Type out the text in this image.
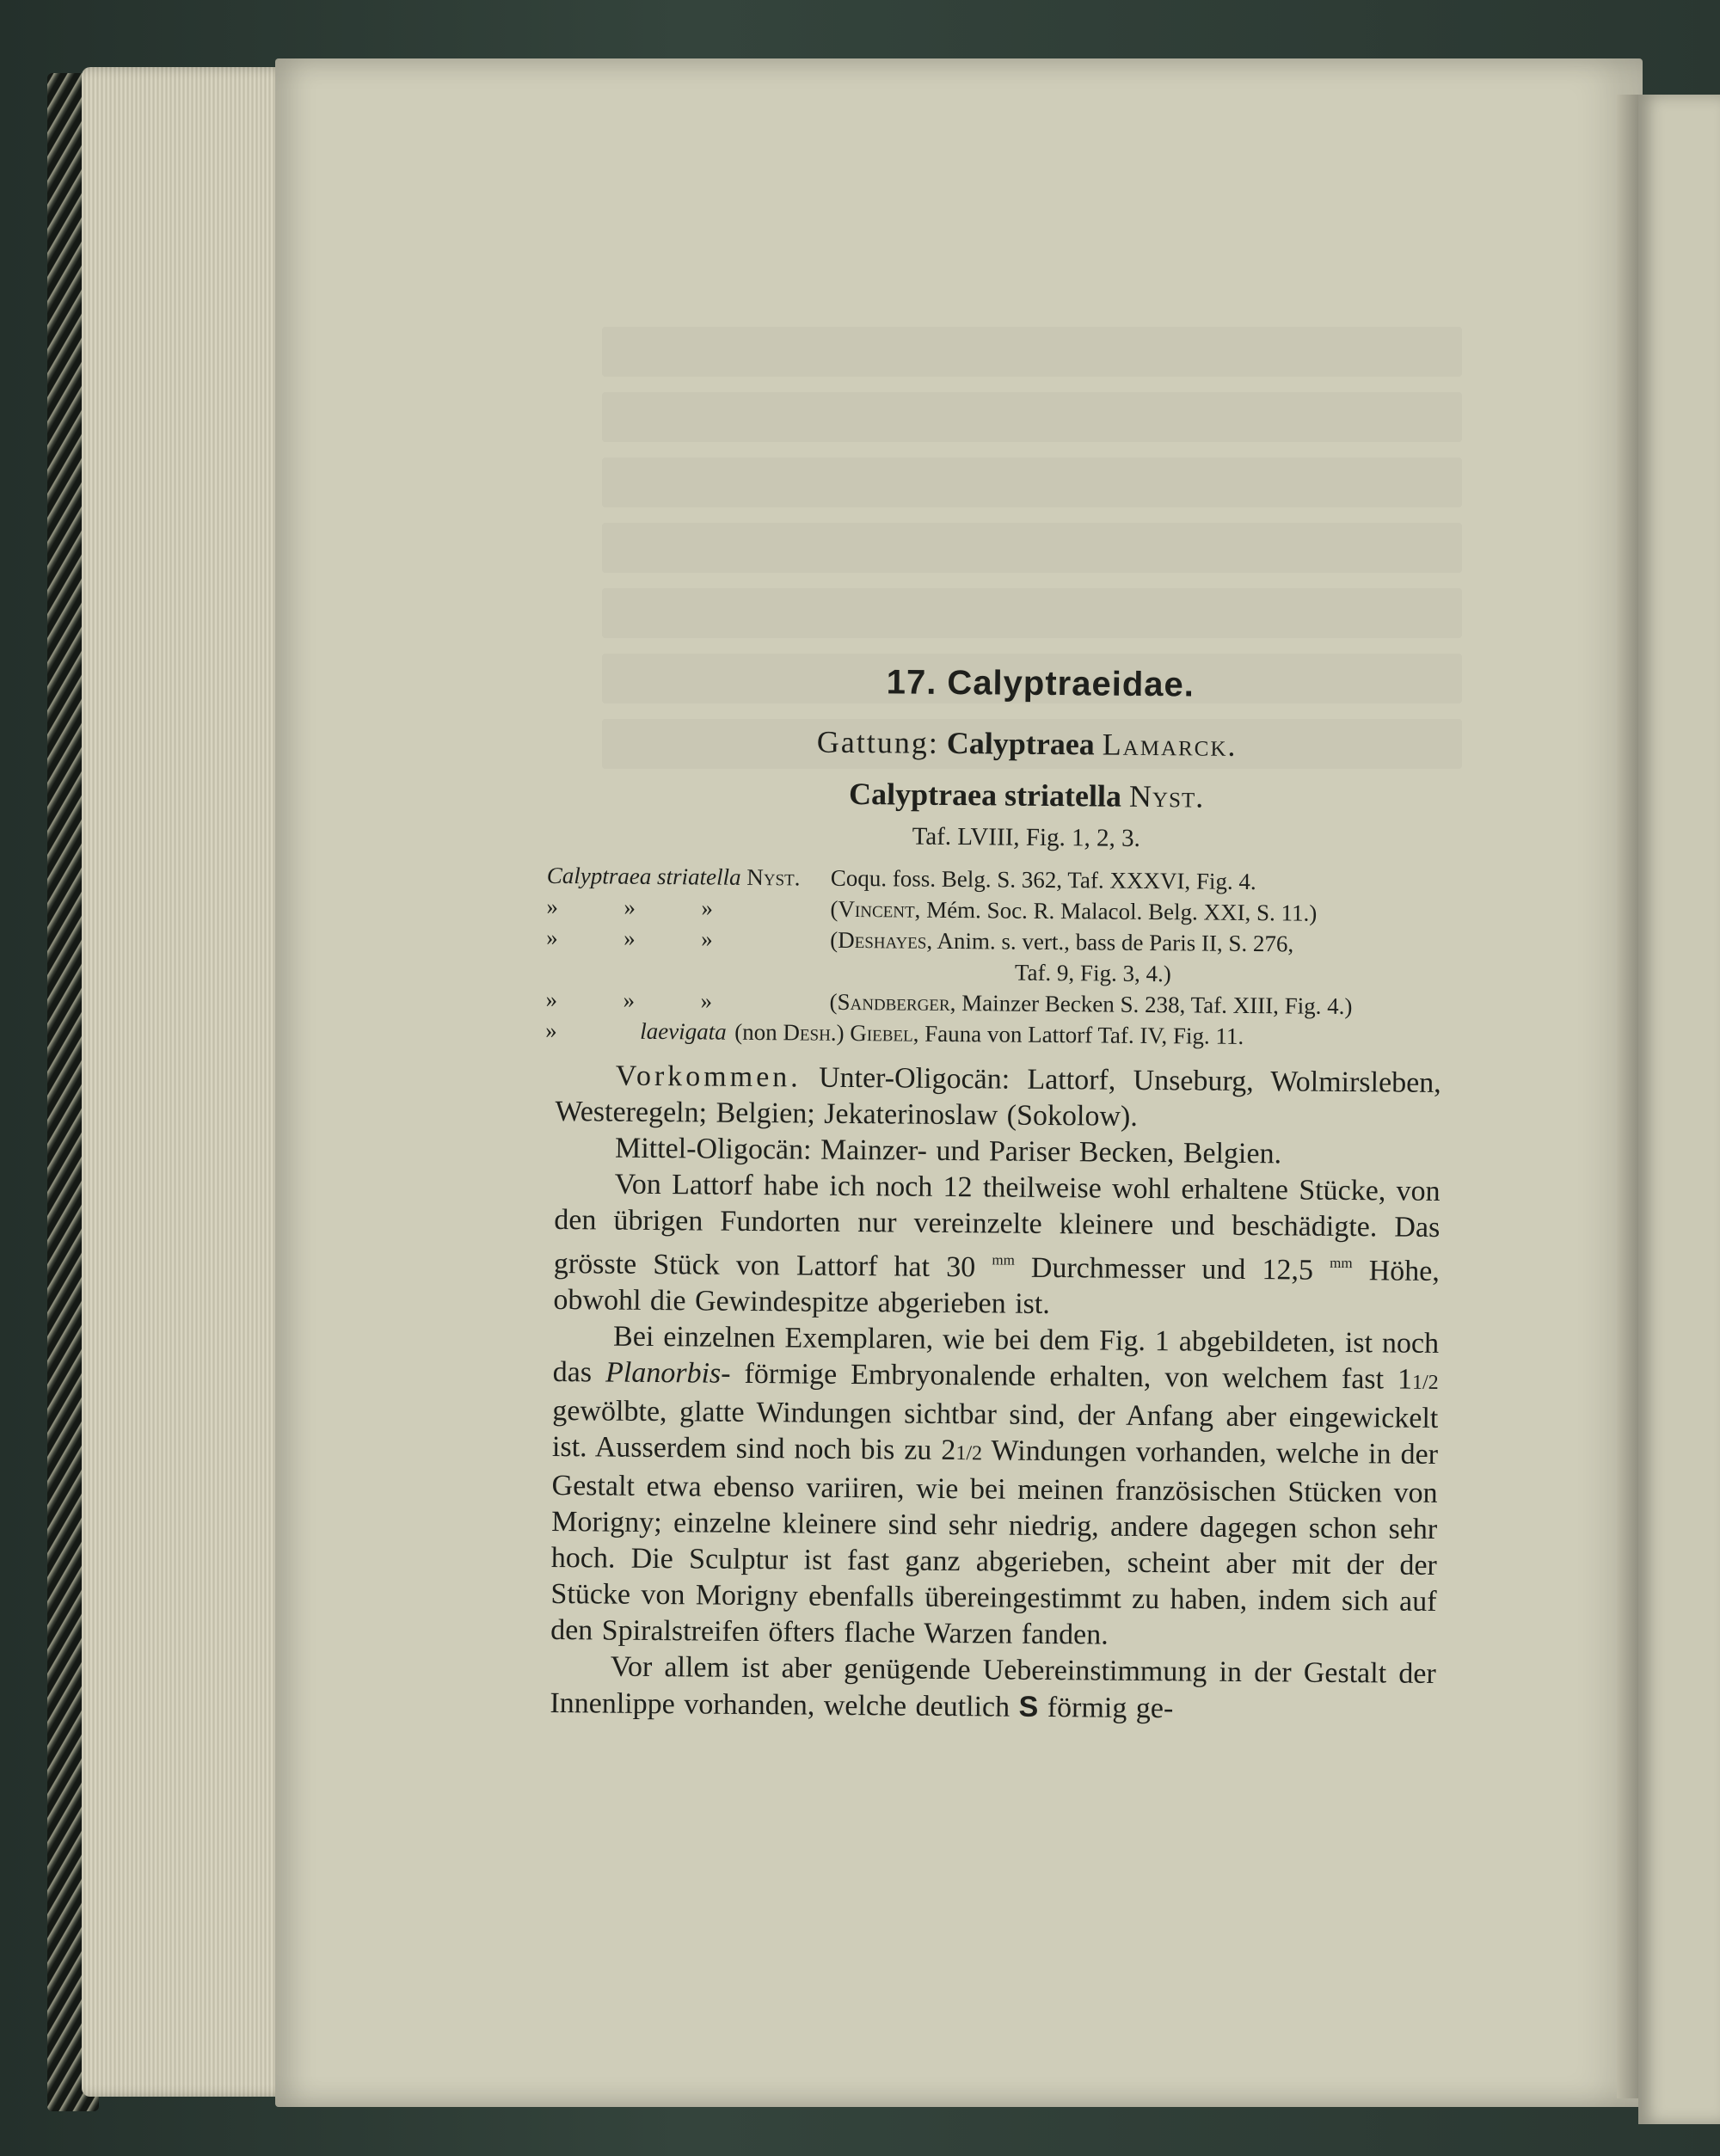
17. Calyptraeidae.
Gattung: Calyptraea Lamarck.
Calyptraea striatella Nyst.
Taf. LVIII, Fig. 1, 2, 3.
Calyptraea striatella Nyst.	Coqu. foss. Belg. S. 362, Taf. XXXVI, Fig. 4.
»	»	»	(Vincent, Mém. Soc. R. Malacol. Belg. XXI, S. 11.)
»	»	»	(Deshayes, Anim. s. vert., bass de Paris II, S. 276,
Taf. 9, Fig. 3, 4.)
»	»	»	(Sandberger, Mainzer Becken S. 238, Taf. XIII, Fig. 4.)
»	laevigata (non Desh.) Giebel, Fauna von Lattorf Taf. IV, Fig. 11.

Vorkommen. Unter-Oligocän: Lattorf, Unseburg, Wolmirsleben, Westeregeln; Belgien; Jekaterinoslaw (Sokolow).

Mittel-Oligocän: Mainzer- und Pariser Becken, Belgien.

Von Lattorf habe ich noch 12 theilweise wohl erhaltene Stücke, von den übrigen Fundorten nur vereinzelte kleinere und beschädigte. Das grösste Stück von Lattorf hat 30 $^{mm}$ Durchmesser und 12,5 $^{mm}$ Höhe, obwohl die Gewindespitze abgerieben ist.

Bei einzelnen Exemplaren, wie bei dem Fig. 1 abgebildeten, ist noch das Planorbis- förmige Embryonalende erhalten, von welchem fast 11/2 gewölbte, glatte Windungen sichtbar sind, der Anfang aber eingewickelt ist. Ausserdem sind noch bis zu 21/2 Windungen vorhanden, welche in der Gestalt etwa ebenso variiren, wie bei meinen französischen Stücken von Morigny; einzelne kleinere sind sehr niedrig, andere dagegen schon sehr hoch. Die Sculptur ist fast ganz abgerieben, scheint aber mit der der Stücke von Morigny ebenfalls übereingestimmt zu haben, indem sich auf den Spiralstreifen öfters flache Warzen fanden.

Vor allem ist aber genügende Uebereinstimmung in der Gestalt der Innenlippe vorhanden, welche deutlich S förmig ge-
